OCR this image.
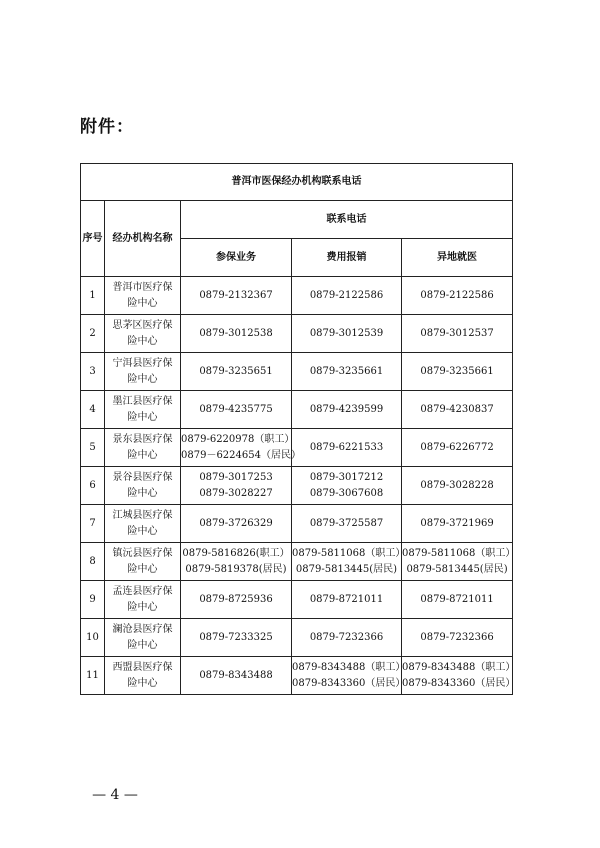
附件：
普洱市医保经办机构联系电话				
序号	经办机构名称	联系电话		
		参保业务	费用报销	异地就医
1	普洱市医疗保
险中心	0879-2132367	0879-2122586	0879-2122586

2	思茅区医疗保
险中心	0879-3012538	0879-3012539	0879-3012537

3	宁洱县医疗保
险中心	0879-3235651	0879-3235661	0879-3235661

4	墨江县医疗保
险中心	0879-4235775	0879-4239599	0879-4230837

5	景东县医疗保
险中心	0879-6220978（职工）
0879－6224654（居民）	0879-6221533	0879-6226772

6	景谷县医疗保
险中心	0879-3017253
0879-3028227	0879-3017212
0879-3067608	0879-3028228

7	江城县医疗保
险中心	0879-3726329	0879-3725587	0879-3721969

8	镇沅县医疗保
险中心	0879-5816826(职工）
0879-5819378(居民)	0879-5811068（职工）
0879-5813445(居民)	0879-5811068（职工）
0879-5813445(居民)

9	孟连县医疗保
险中心	0879-8725936	0879-8721011	0879-8721011

10	澜沧县医疗保
险中心	0879-7233325	0879-7232366	0879-7232366

11	西盟县医疗保
险中心	0879-8343488	0879-8343488（职工）
0879-8343360（居民）	0879-8343488（职工）
0879-8343360（居民）
— 4 —
